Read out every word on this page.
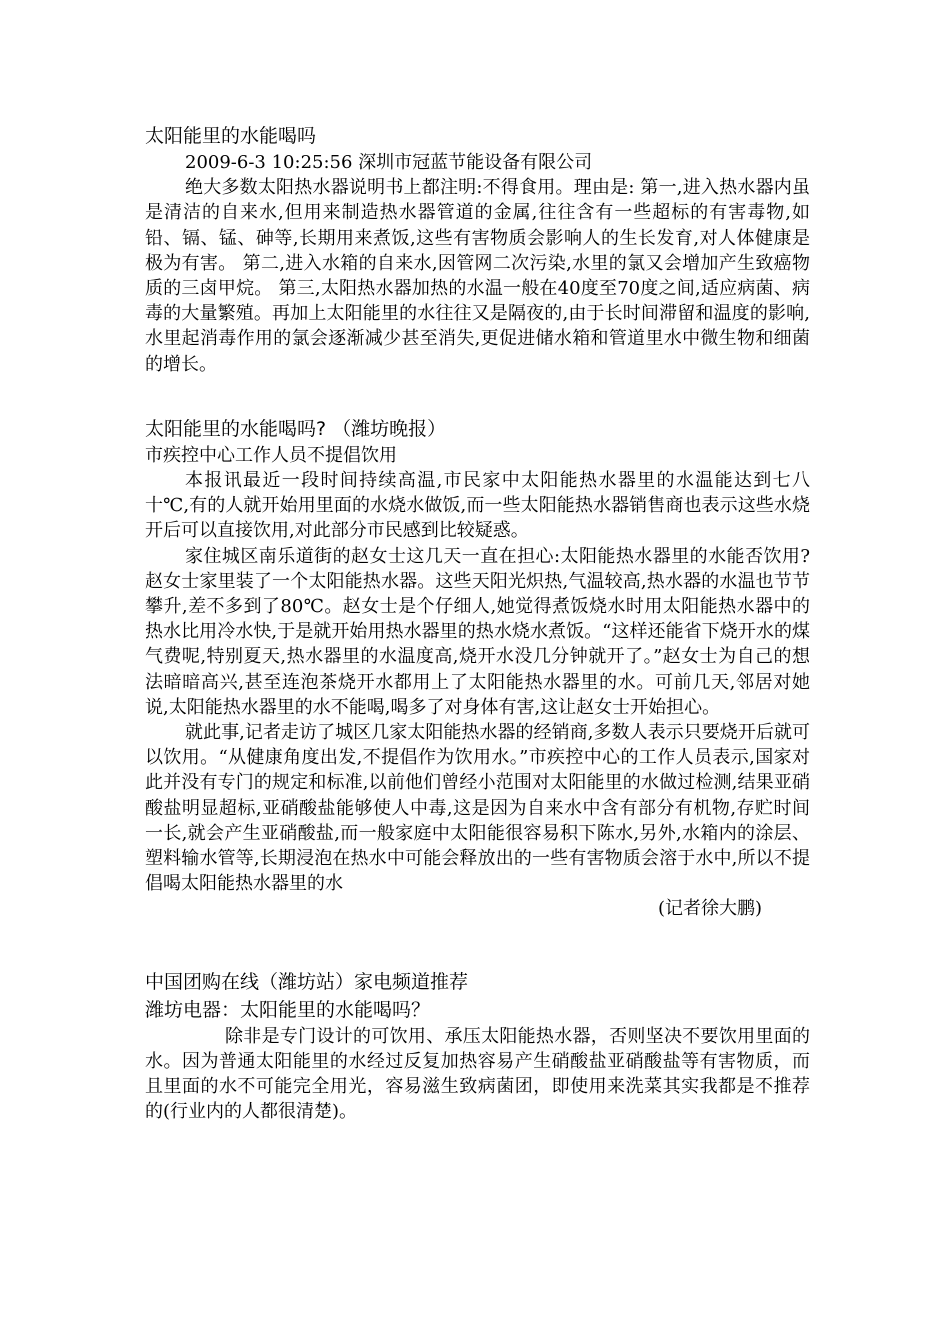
太阳能里的水能喝吗

2009-6-3 10:25:56 深圳市冠蓝节能设备有限公司

绝大多数太阳热水器说明书上都注明:不得食用。理由是: 第一,进入热水器内虽是清洁的自来水,但用来制造热水器管道的金属,往往含有一些超标的有害毒物,如铅、镉、锰、砷等,长期用来煮饭,这些有害物质会影响人的生长发育,对人体健康是极为有害。 第二,进入水箱的自来水,因管网二次污染,水里的氯又会增加产生致癌物质的三卤甲烷。 第三,太阳热水器加热的水温一般在40度至70度之间,适应病菌、病毒的大量繁殖。再加上太阳能里的水往往又是隔夜的,由于长时间滞留和温度的影响,水里起消毒作用的氯会逐渐减少甚至消失,更促进储水箱和管道里水中微生物和细菌的增长。

太阳能里的水能喝吗? （潍坊晚报）

市疾控中心工作人员不提倡饮用

本报讯最近一段时间持续高温,市民家中太阳能热水器里的水温能达到七八十℃,有的人就开始用里面的水烧水做饭,而一些太阳能热水器销售商也表示这些水烧开后可以直接饮用,对此部分市民感到比较疑惑。

家住城区南乐道街的赵女士这几天一直在担心:太阳能热水器里的水能否饮用?赵女士家里装了一个太阳能热水器。这些天阳光炽热,气温较高,热水器的水温也节节攀升,差不多到了80℃。赵女士是个仔细人,她觉得煮饭烧水时用太阳能热水器中的热水比用冷水快,于是就开始用热水器里的热水烧水煮饭。“这样还能省下烧开水的煤气费呢,特别夏天,热水器里的水温度高,烧开水没几分钟就开了。”赵女士为自己的想法暗暗高兴,甚至连泡茶烧开水都用上了太阳能热水器里的水。可前几天,邻居对她说,太阳能热水器里的水不能喝,喝多了对身体有害,这让赵女士开始担心。

就此事,记者走访了城区几家太阳能热水器的经销商,多数人表示只要烧开后就可以饮用。“从健康角度出发,不提倡作为饮用水。”市疾控中心的工作人员表示,国家对此并没有专门的规定和标准,以前他们曾经小范围对太阳能里的水做过检测,结果亚硝酸盐明显超标,亚硝酸盐能够使人中毒,这是因为自来水中含有部分有机物,存贮时间一长,就会产生亚硝酸盐,而一般家庭中太阳能很容易积下陈水,另外,水箱内的涂层、塑料输水管等,长期浸泡在热水中可能会释放出的一些有害物质会溶于水中,所以不提倡喝太阳能热水器里的水

(记者徐大鹏)

中国团购在线（潍坊站）家电频道推荐
潍坊电器：太阳能里的水能喝吗？

除非是专门设计的可饮用、承压太阳能热水器，否则坚决不要饮用里面的水。因为普通太阳能里的水经过反复加热容易产生硝酸盐亚硝酸盐等有害物质，而且里面的水不可能完全用光，容易滋生致病菌团，即使用来洗菜其实我都是不推荐的(行业内的人都很清楚)。
